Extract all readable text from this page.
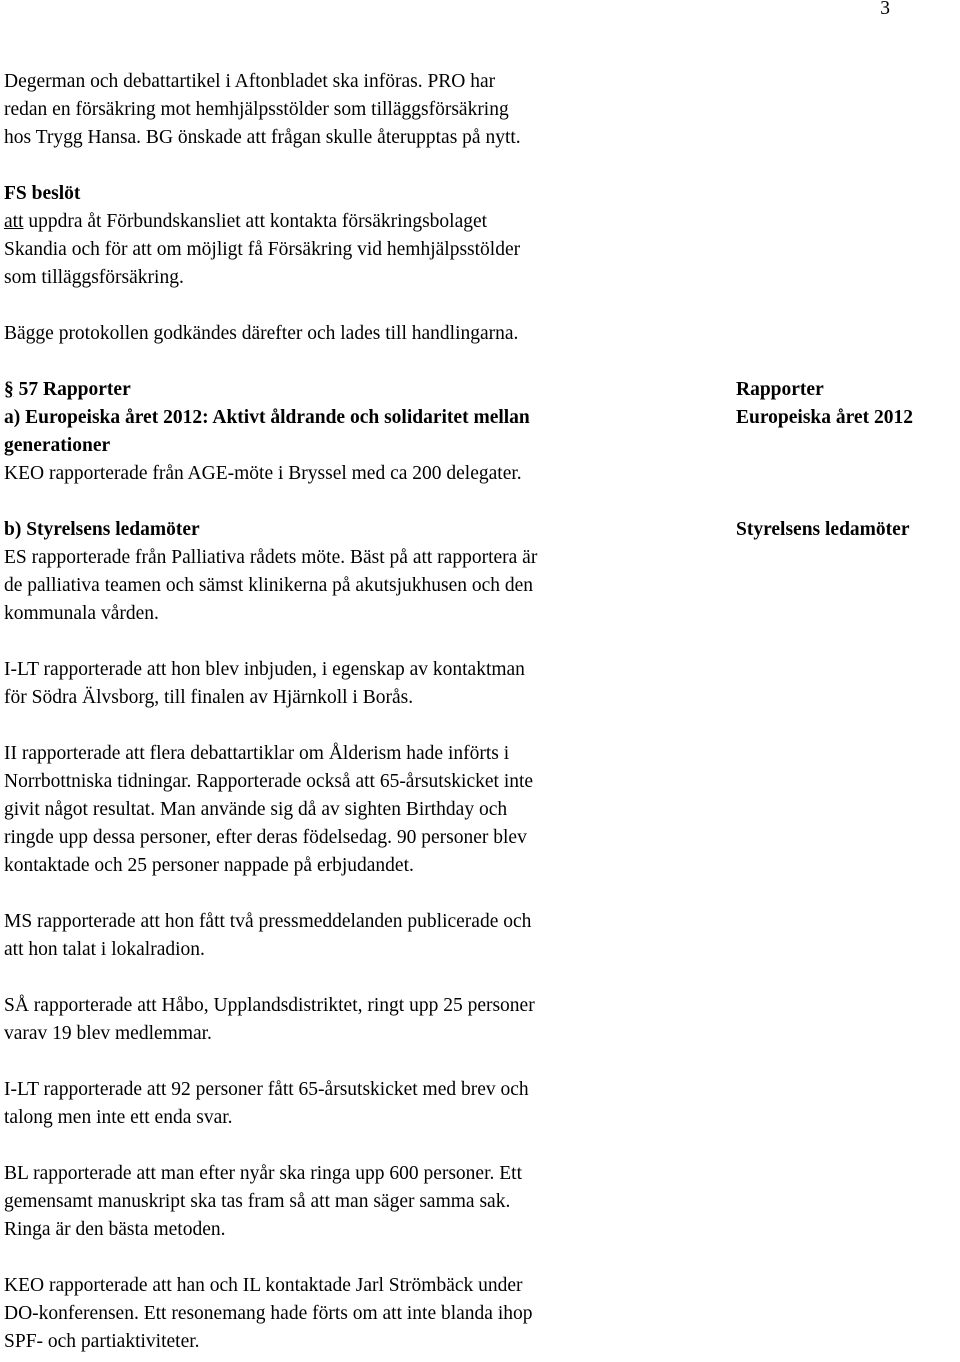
3

Degerman och debattartikel i Aftonbladet ska införas. PRO har

redan en försäkring mot hemhjälpsstölder som tilläggsförsäkring

hos Trygg Hansa. BG önskade att frågan skulle återupptas på nytt.

FS beslöt

att uppdra åt Förbundskansliet att kontakta försäkringsbolaget

Skandia och för att om möjligt få Försäkring vid hemhjälpsstölder

som tilläggsförsäkring.

Bägge protokollen godkändes därefter och lades till handlingarna.

§ 57 Rapporter

a) Europeiska året 2012: Aktivt åldrande och solidaritet mellan

generationer

KEO rapporterade från AGE-möte i Bryssel med ca 200 delegater.

b) Styrelsens ledamöter

ES rapporterade från Palliativa rådets möte. Bäst på att rapportera är

de palliativa teamen och sämst klinikerna på akutsjukhusen och den

kommunala vården.

I-LT rapporterade att hon blev inbjuden, i egenskap av kontaktman

för Södra Älvsborg, till finalen av Hjärnkoll i Borås.

II rapporterade att flera debattartiklar om Ålderism hade införts i

Norrbottniska tidningar. Rapporterade också att 65-årsutskicket inte

givit något resultat. Man använde sig då av sighten Birthday och

ringde upp dessa personer, efter deras födelsedag. 90 personer blev

kontaktade och 25 personer nappade på erbjudandet.

MS rapporterade att hon fått två pressmeddelanden publicerade och

att hon talat i lokalradion.

SÅ rapporterade att Håbo, Upplandsdistriktet, ringt upp 25 personer

varav 19 blev medlemmar.

I-LT rapporterade att 92 personer fått 65-årsutskicket med brev och

talong men inte ett enda svar.

BL rapporterade att man efter nyår ska ringa upp 600 personer. Ett

gemensamt manuskript ska tas fram så att man säger samma sak.

Ringa är den bästa metoden.

KEO rapporterade att han och IL kontaktade Jarl Strömbäck under

DO-konferensen. Ett resonemang hade förts om att inte blanda ihop

SPF- och partiaktiviteter.

Rapporter
Europeiska året 2012
Styrelsens ledamöter
